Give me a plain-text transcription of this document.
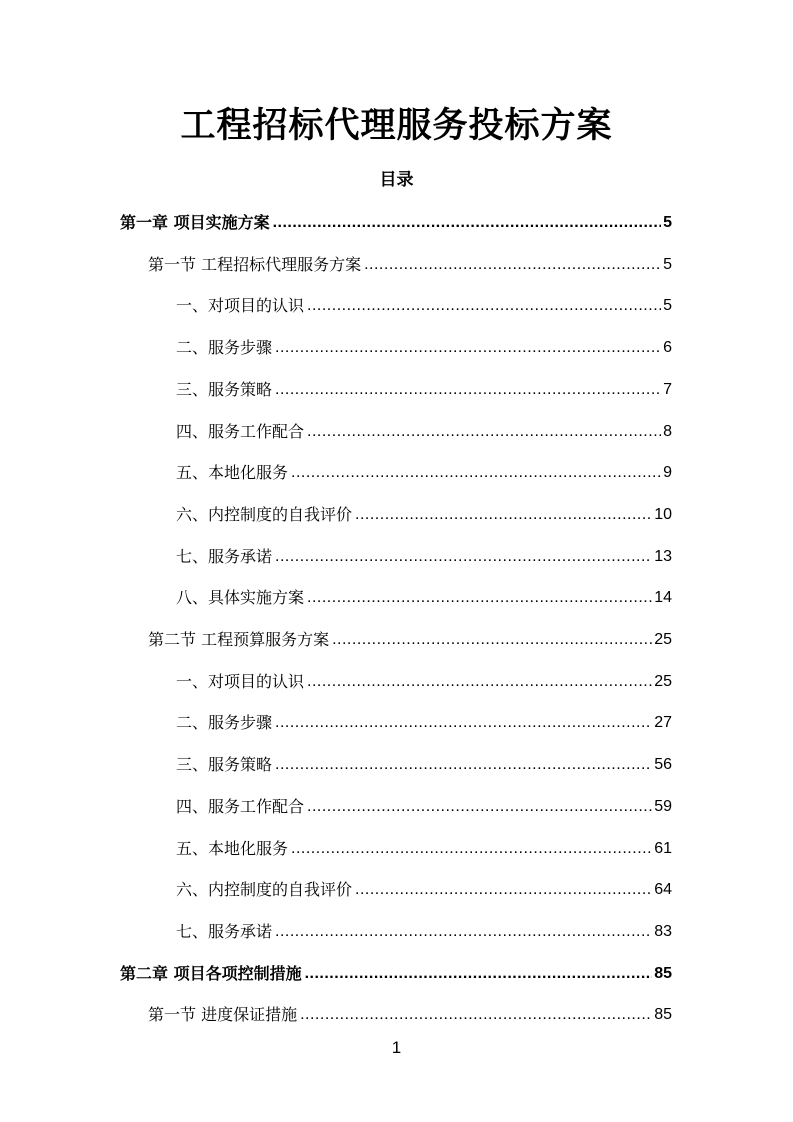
工程招标代理服务投标方案
目录
第一章 项目实施方案 .....	5
第一节 工程招标代理服务方案 .....	5
一、对项目的认识 .....	5
二、服务步骤 .....	6
三、服务策略 .....	7
四、服务工作配合 .....	8
五、本地化服务 .....	9
六、内控制度的自我评价 .....	10
七、服务承诺 .....	13
八、具体实施方案 .....	14
第二节 工程预算服务方案 .....	25
一、对项目的认识 .....	25
二、服务步骤 .....	27
三、服务策略 .....	56
四、服务工作配合 .....	59
五、本地化服务 .....	61
六、内控制度的自我评价 .....	64
七、服务承诺 .....	83
第二章 项目各项控制措施 .....	85
第一节 进度保证措施 .....	85
1
